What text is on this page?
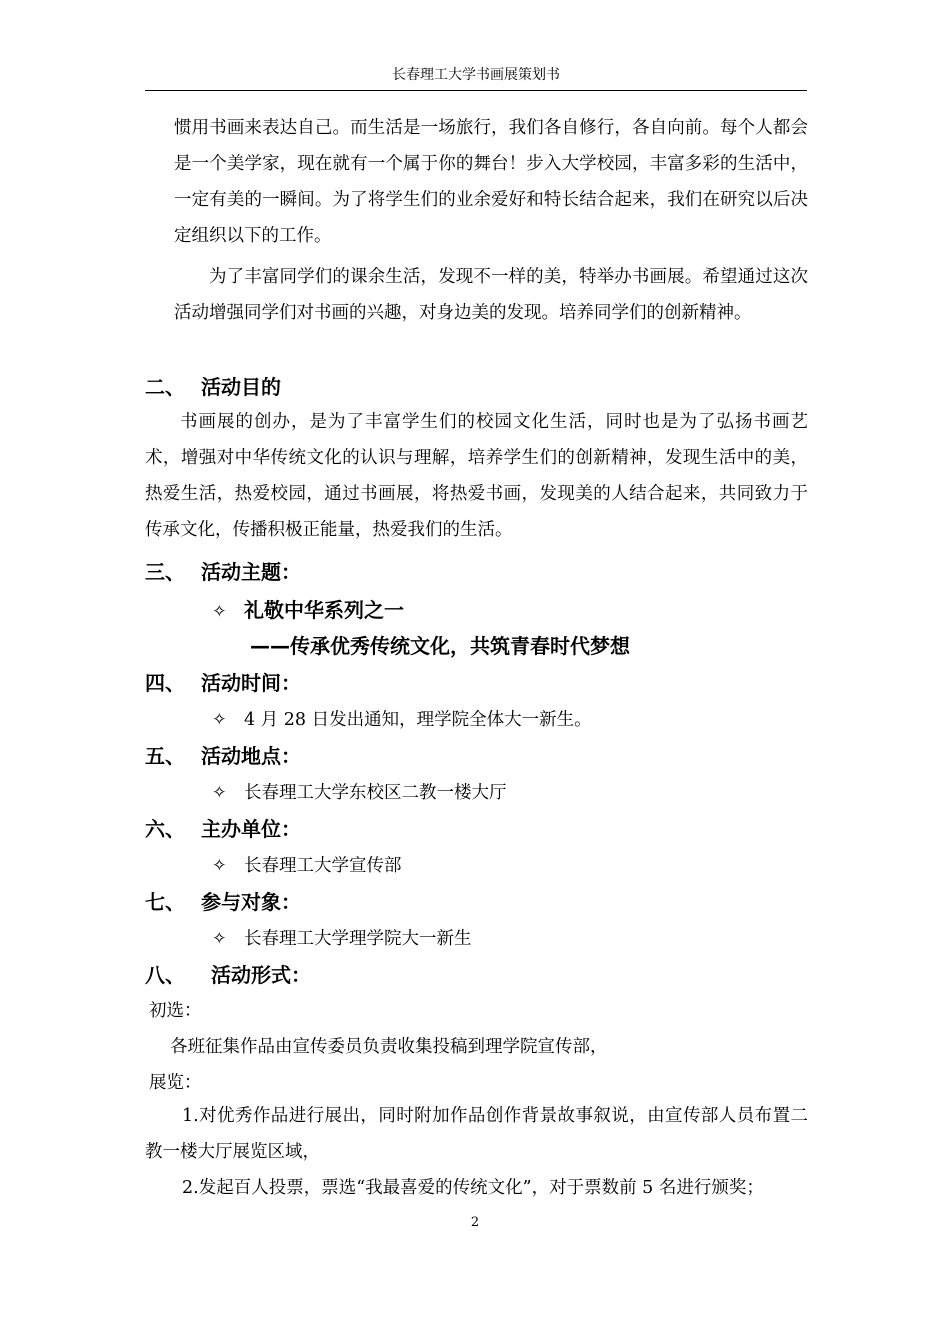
长春理工大学书画展策划书
惯用书画来表达自己。而生活是一场旅行，我们各自修行，各自向前。每个人都会是一个美学家，现在就有一个属于你的舞台！步入大学校园，丰富多彩的生活中，一定有美的一瞬间。为了将学生们的业余爱好和特长结合起来，我们在研究以后决定组织以下的工作。
为了丰富同学们的课余生活，发现不一样的美，特举办书画展。希望通过这次活动增强同学们对书画的兴趣，对身边美的发现。培养同学们的创新精神。
二、 活动目的
书画展的创办，是为了丰富学生们的校园文化生活，同时也是为了弘扬书画艺术，增强对中华传统文化的认识与理解，培养学生们的创新精神，发现生活中的美，热爱生活，热爱校园，通过书画展，将热爱书画，发现美的人结合起来，共同致力于传承文化，传播积极正能量，热爱我们的生活。
三、 活动主题：
✧ 礼敬中华系列之一
——传承优秀传统文化，共筑青春时代梦想
四、 活动时间：
✧ 4 月 28 日发出通知，理学院全体大一新生。
五、 活动地点：
✧ 长春理工大学东校区二教一楼大厅
六、 主办单位：
✧ 长春理工大学宣传部
七、 参与对象：
✧ 长春理工大学理学院大一新生
八、 活动形式：
初选：
各班征集作品由宣传委员负责收集投稿到理学院宣传部，
展览：
1.对优秀作品进行展出，同时附加作品创作背景故事叙说，由宣传部人员布置二教一楼大厅展览区域，
2.发起百人投票，票选“我最喜爱的传统文化”，对于票数前 5 名进行颁奖；
2
